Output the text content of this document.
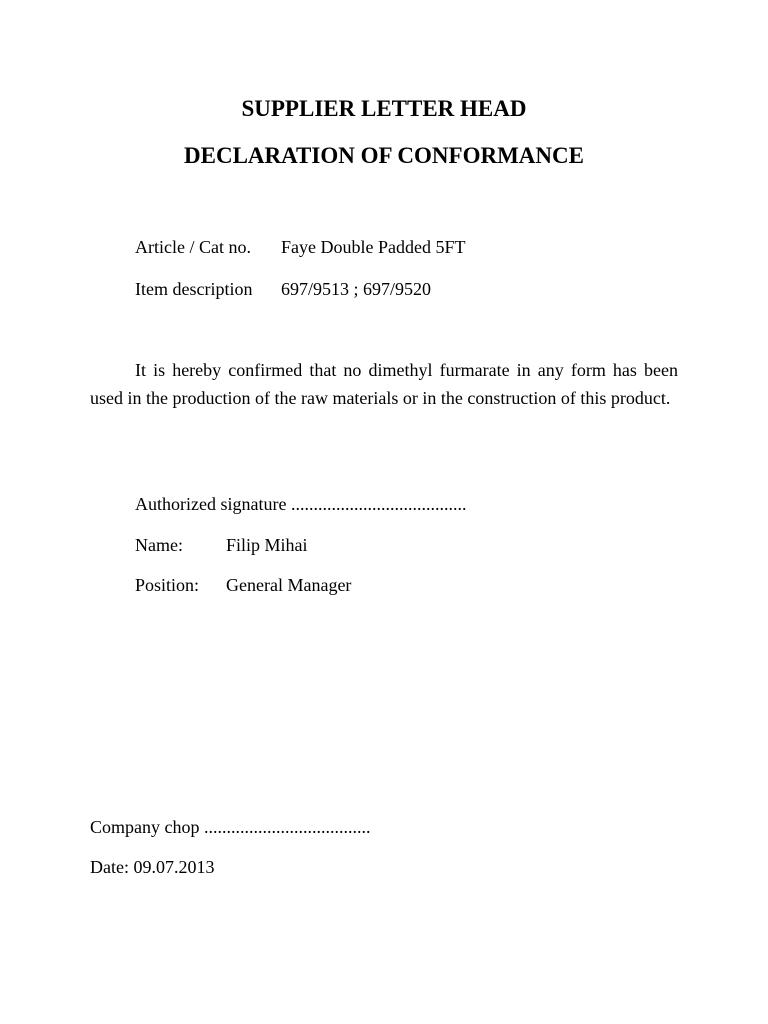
SUPPLIER LETTER HEAD
DECLARATION OF CONFORMANCE
Article / Cat no. Faye Double Padded 5FT
Item description 697/9513 ; 697/9520
It is hereby confirmed that no dimethyl furmarate in any form has been used in the production of the raw materials or in the construction of this product.
Authorized signature .......................................
Name: Filip Mihai
Position: General Manager
Company chop .....................................
Date: 09.07.2013
